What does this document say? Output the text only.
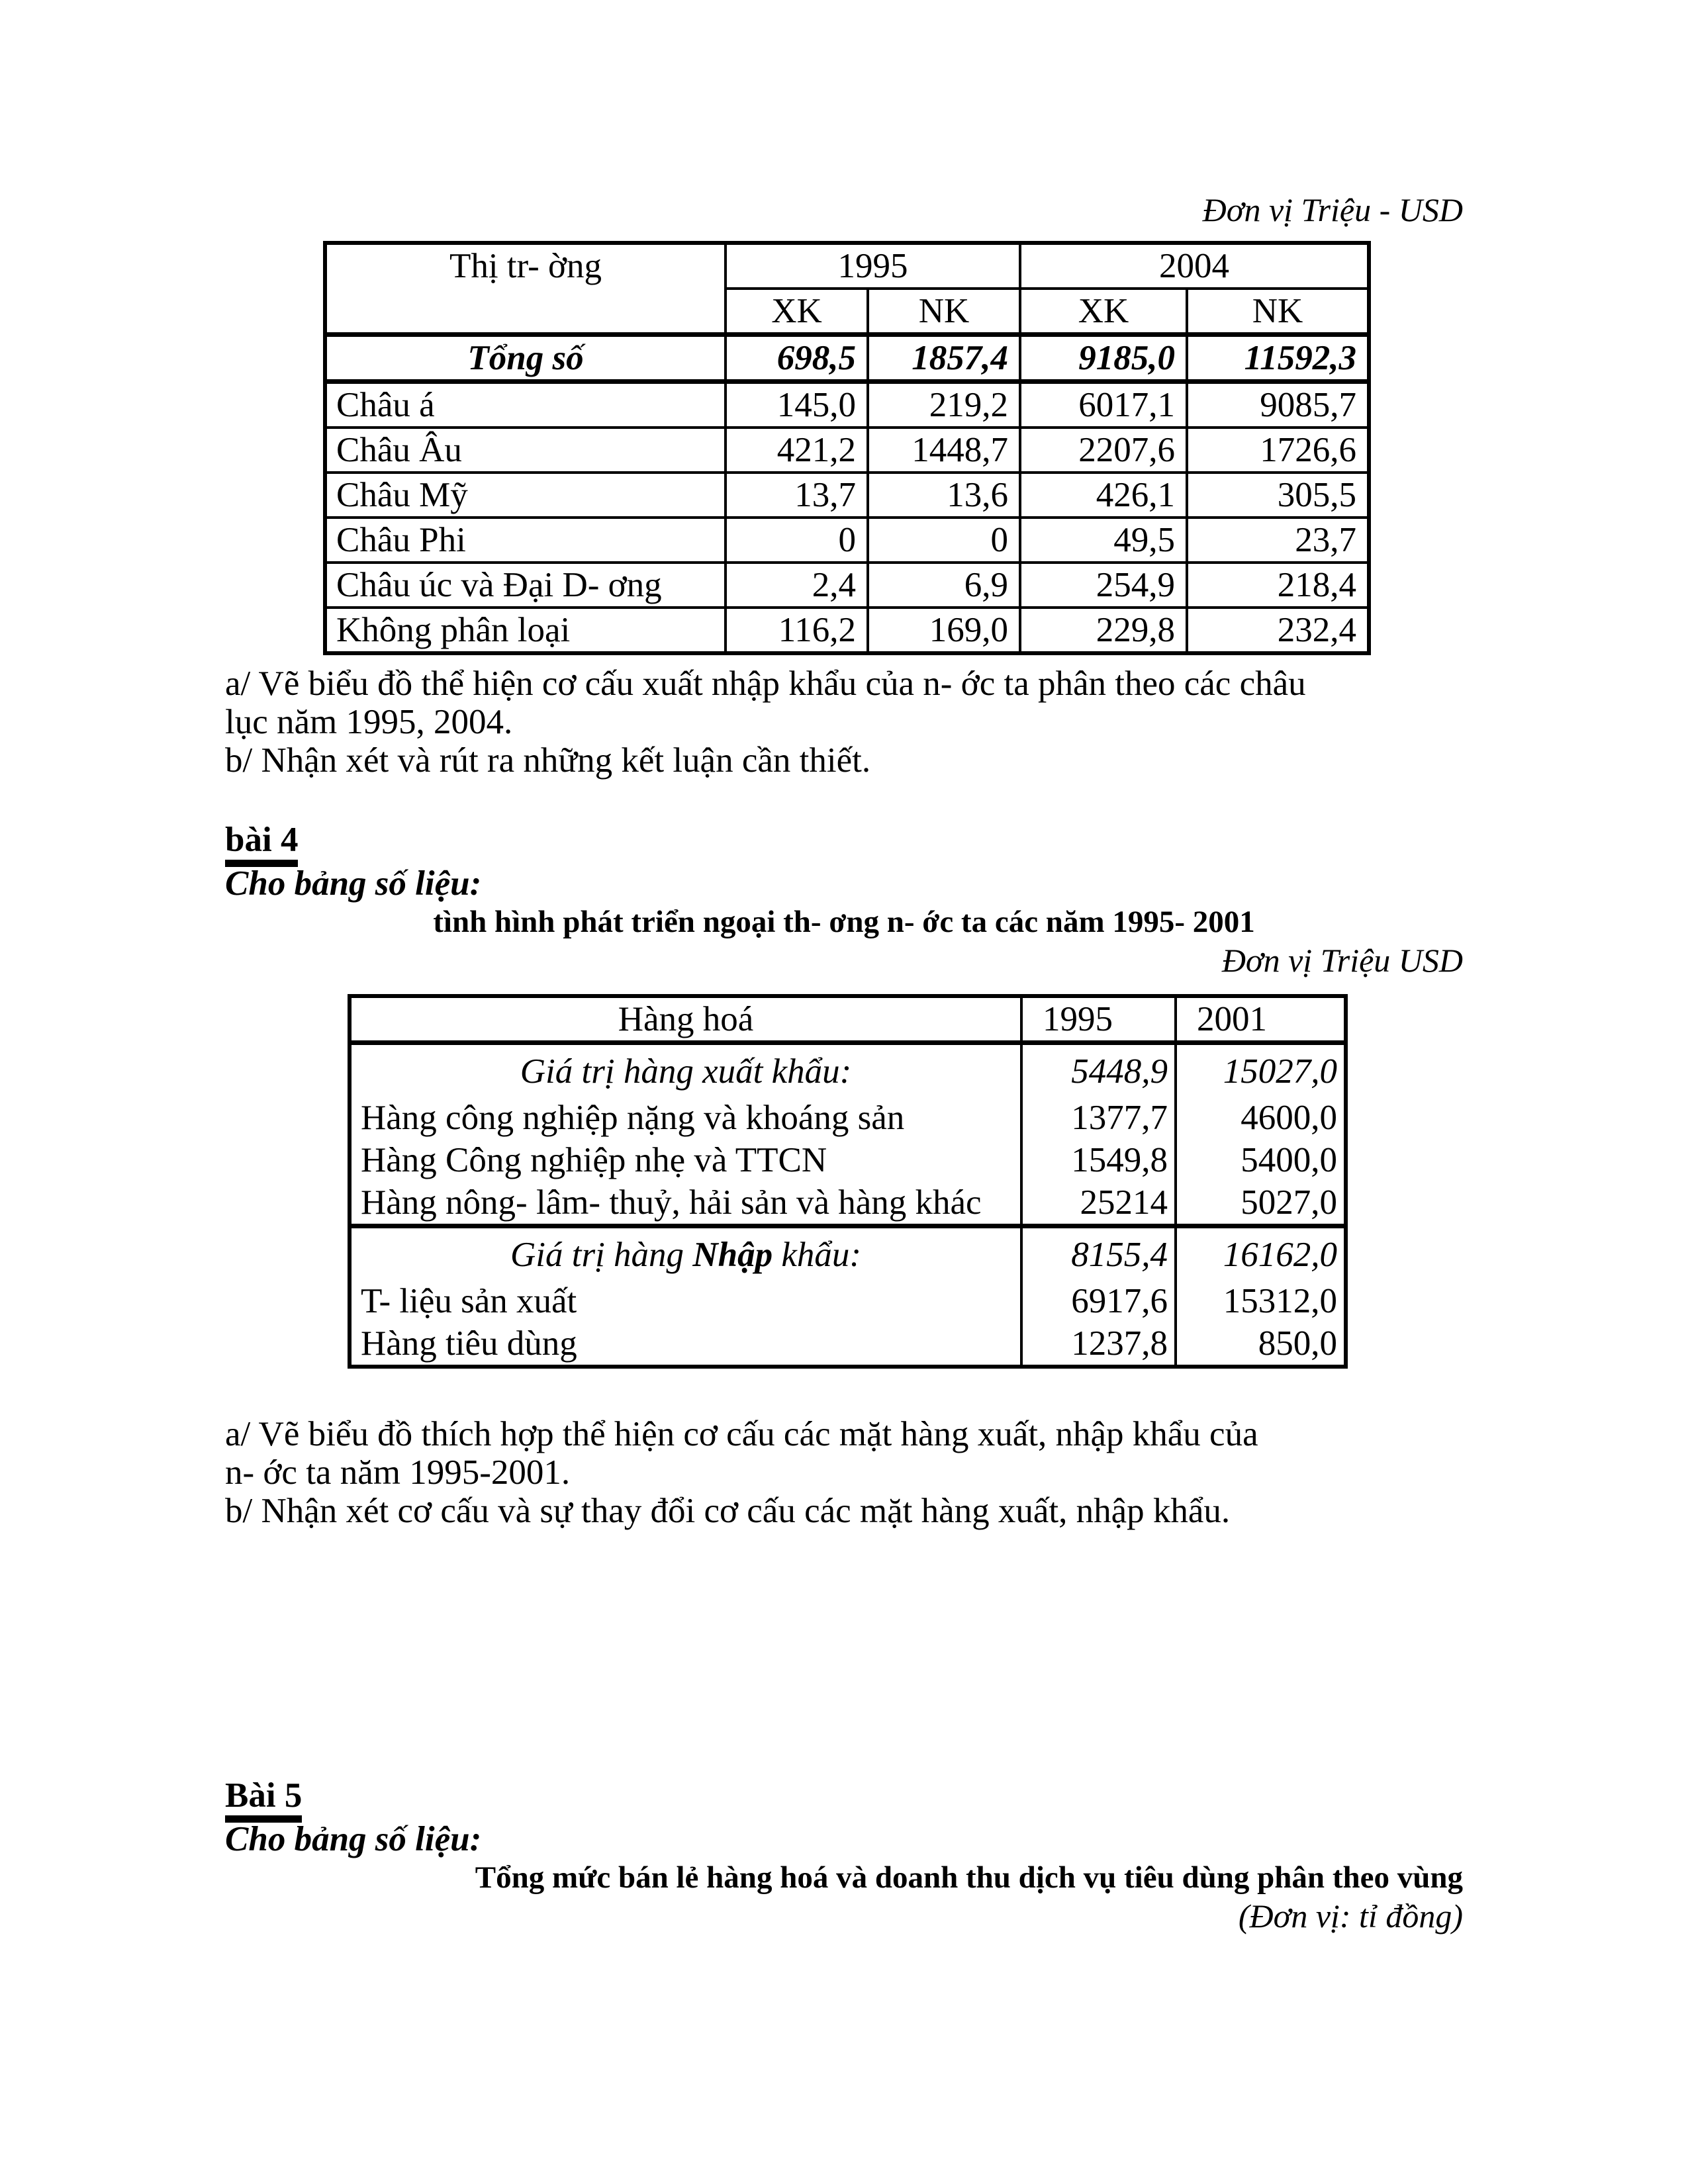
Đơn vị Triệu - USD
Thị tr- ờng	1995		2004	
	XK	NK	XK	NK
Tổng số	698,5	1857,4	9185,0	11592,3
Châu á	145,0	219,2	6017,1	9085,7
Châu Âu	421,2	1448,7	2207,6	1726,6
Châu Mỹ	13,7	13,6	426,1	305,5
Châu Phi	0	0	49,5	23,7
Châu úc và Đại D- ơng	2,4	6,9	254,9	218,4
Không phân loại	116,2	169,0	229,8	232,4
a/ Vẽ biểu đồ thể hiện cơ cấu xuất nhập khẩu của n- ớc ta phân theo các châu
lục năm 1995, 2004.
b/ Nhận xét và rút ra những kết luận cần thiết.
bài 4
Cho bảng số liệu:
tình hình phát triển ngoại th- ơng n- ớc ta các năm 1995- 2001
Đơn vị Triệu USD
Hàng hoá	1995	2001
Giá trị hàng xuất khẩu:	5448,9	15027,0
Hàng công nghiệp nặng và khoáng sản	1377,7	4600,0
Hàng Công nghiệp nhẹ và TTCN	1549,8	5400,0
Hàng nông- lâm- thuỷ, hải sản và hàng khác	25214	5027,0
Giá trị hàng Nhập khẩu:	8155,4	16162,0
T- liệu sản xuất	6917,6	15312,0
Hàng tiêu dùng	1237,8	850,0
a/ Vẽ biểu đồ thích hợp thể hiện cơ cấu các mặt hàng xuất, nhập khẩu của
n- ớc ta năm 1995-2001.
b/ Nhận xét cơ cấu và sự thay đổi cơ cấu các mặt hàng xuất, nhập khẩu.
Bài 5
Cho bảng số liệu:
Tổng mức bán lẻ hàng hoá và doanh thu dịch vụ tiêu dùng phân theo vùng
(Đơn vị: tỉ đồng)
